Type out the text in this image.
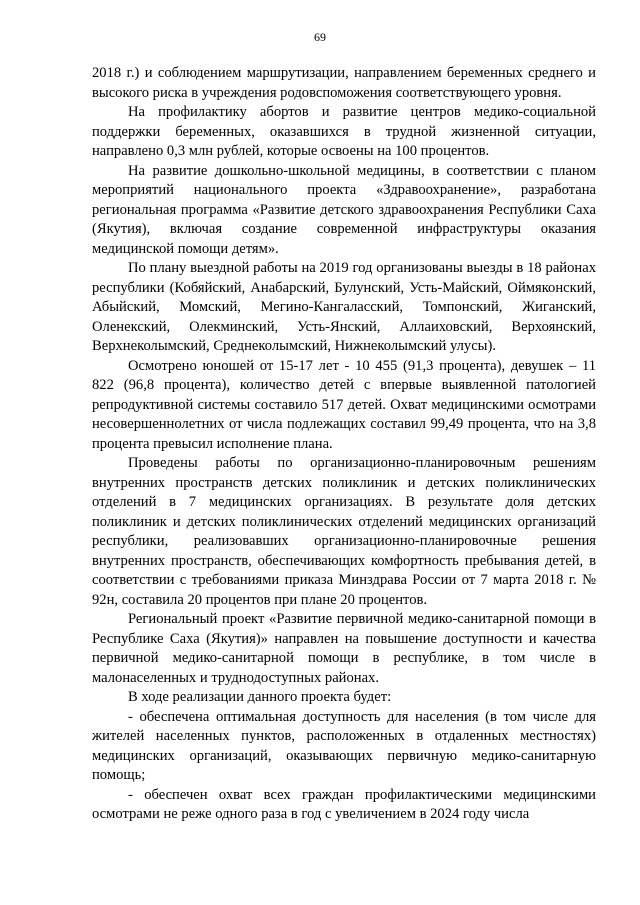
69

2018 г.) и соблюдением маршрутизации, направлением беременных среднего и высокого риска в учреждения родовспоможения соответствующего уровня.

На профилактику абортов и развитие центров медико-социальной поддержки беременных, оказавшихся в трудной жизненной ситуации, направлено 0,3 млн рублей, которые освоены на 100 процентов.

На развитие дошкольно-школьной медицины, в соответствии с планом мероприятий национального проекта «Здравоохранение», разработана региональная программа «Развитие детского здравоохранения Республики Саха (Якутия), включая создание современной инфраструктуры оказания медицинской помощи детям».

По плану выездной работы на 2019 год организованы выезды в 18 районах республики (Кобяйский, Анабарский, Булунский, Усть-Майский, Оймяконский, Абыйский, Момский, Мегино-Кангаласский, Томпонский, Жиганский, Оленекский, Олекминский, Усть-Янский, Аллаиховский, Верхоянский, Верхнеколымский, Среднеколымский, Нижнеколымский улусы).

Осмотрено юношей от 15-17 лет - 10 455 (91,3 процента), девушек – 11 822 (96,8 процента), количество детей с впервые выявленной патологией репродуктивной системы составило 517 детей. Охват медицинскими осмотрами несовершеннолетних от числа подлежащих составил 99,49 процента, что на 3,8 процента превысил исполнение плана.

Проведены работы по организационно-планировочным решениям внутренних пространств детских поликлиник и детских поликлинических отделений в 7 медицинских организациях. В результате доля детских поликлиник и детских поликлинических отделений медицинских организаций республики, реализовавших организационно-планировочные решения внутренних пространств, обеспечивающих комфортность пребывания детей, в соответствии с требованиями приказа Минздрава России от 7 марта 2018 г. № 92н, составила 20 процентов при плане 20 процентов.

Региональный проект «Развитие первичной медико-санитарной помощи в Республике Саха (Якутия)» направлен на повышение доступности и качества первичной медико-санитарной помощи в республике, в том числе в малонаселенных и труднодоступных районах.

В ходе реализации данного проекта будет:

- обеспечена оптимальная доступность для населения (в том числе для жителей населенных пунктов, расположенных в отдаленных местностях) медицинских организаций, оказывающих первичную медико-санитарную помощь;

- обеспечен охват всех граждан профилактическими медицинскими осмотрами не реже одного раза в год с увеличением в 2024 году числа
